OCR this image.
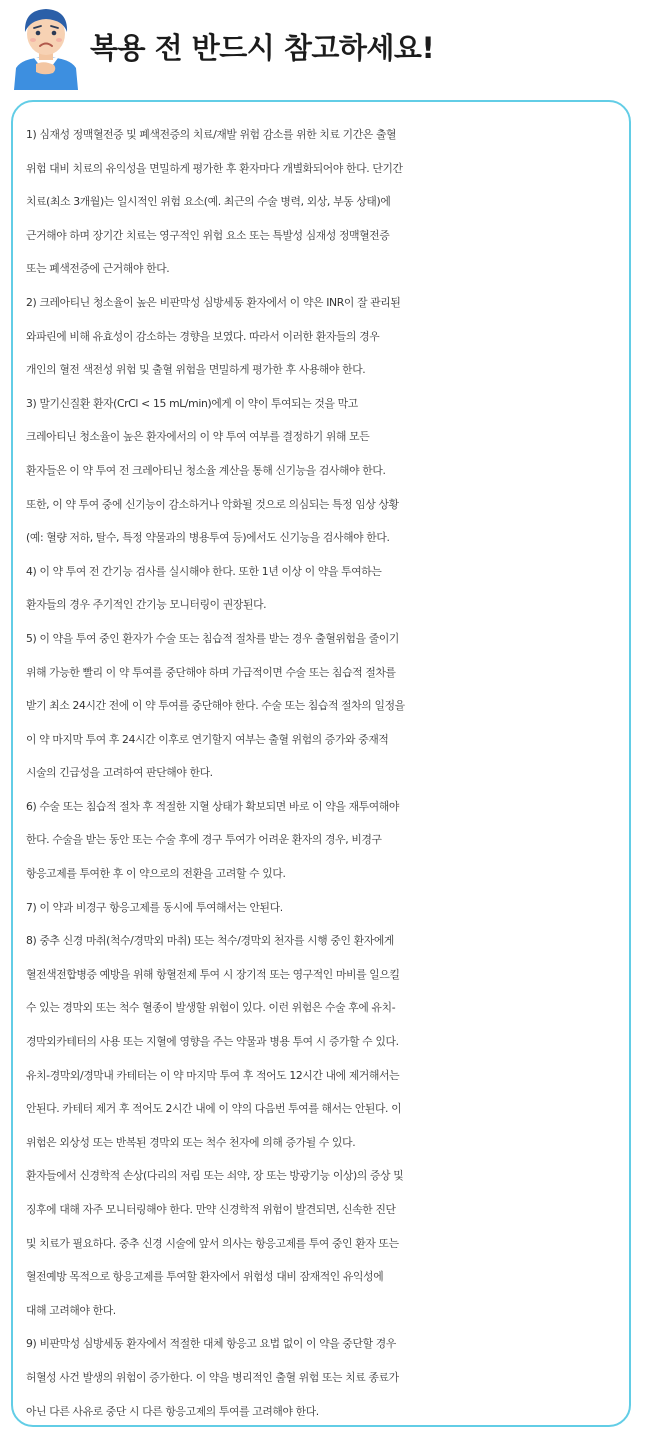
복용 전 반드시 참고하세요!

1) 심재성 정맥혈전증 및 폐색전증의 치료/재발 위험 감소를 위한 치료 기간은 출혈

위험 대비 치료의 유익성을 면밀하게 평가한 후 환자마다 개별화되어야 한다. 단기간

치료(최소 3개월)는 일시적인 위험 요소(예. 최근의 수술 병력, 외상, 부동 상태)에

근거해야 하며 장기간 치료는 영구적인 위험 요소 또는 특발성 심재성 정맥혈전증

또는 폐색전증에 근거해야 한다.

2) 크레아티닌 청소율이 높은 비판막성 심방세동 환자에서 이 약은 INR이 잘 관리된

와파린에 비해 유효성이 감소하는 경향을 보였다. 따라서 이러한 환자들의 경우

개인의 혈전 색전성 위험 및 출혈 위험을 면밀하게 평가한 후 사용해야 한다.

3) 말기신질환 환자(CrCl < 15 mL/min)에게 이 약이 투여되는 것을 막고

크레아티닌 청소율이 높은 환자에서의 이 약 투여 여부를 결정하기 위해 모든

환자들은 이 약 투여 전 크레아티닌 청소율 계산을 통해 신기능을 검사해야 한다.

또한, 이 약 투여 중에 신기능이 감소하거나 악화될 것으로 의심되는 특정 임상 상황

(예: 혈량 저하, 탈수, 특정 약물과의 병용투여 등)에서도 신기능을 검사해야 한다.

4) 이 약 투여 전 간기능 검사를 실시해야 한다. 또한 1년 이상 이 약을 투여하는

환자들의 경우 주기적인 간기능 모니터링이 권장된다.

5) 이 약을 투여 중인 환자가 수술 또는 침습적 절차를 받는 경우 출혈위험을 줄이기

위해 가능한 빨리 이 약 투여를 중단해야 하며 가급적이면 수술 또는 침습적 절차를

받기 최소 24시간 전에 이 약 투여를 중단해야 한다. 수술 또는 침습적 절차의 일정을

이 약 마지막 투여 후 24시간 이후로 연기할지 여부는 출혈 위험의 증가와 중재적

시술의 긴급성을 고려하여 판단해야 한다.

6) 수술 또는 침습적 절차 후 적절한 지혈 상태가 확보되면 바로 이 약을 재투여해야

한다. 수술을 받는 동안 또는 수술 후에 경구 투여가 어려운 환자의 경우, 비경구

항응고제를 투여한 후 이 약으로의 전환을 고려할 수 있다.

7) 이 약과 비경구 항응고제를 동시에 투여해서는 안된다.

8) 중추 신경 마취(척수/경막외 마취) 또는 척수/경막외 천자를 시행 중인 환자에게

혈전색전합병증 예방을 위해 항혈전제 투여 시 장기적 또는 영구적인 마비를 일으킬

수 있는 경막외 또는 척수 혈종이 발생할 위험이 있다. 이런 위험은 수술 후에 유치-

경막외카테터의 사용 또는 지혈에 영향을 주는 약물과 병용 투여 시 증가할 수 있다.

유치-경막외/경막내 카테터는 이 약 마지막 투여 후 적어도 12시간 내에 제거해서는

안된다. 카테터 제거 후 적어도 2시간 내에 이 약의 다음번 투여를 해서는 안된다. 이

위험은 외상성 또는 반복된 경막외 또는 척수 천자에 의해 증가될 수 있다.

환자들에서 신경학적 손상(다리의 저림 또는 쇠약, 장 또는 방광기능 이상)의 증상 및

징후에 대해 자주 모니터링해야 한다. 만약 신경학적 위험이 발견되면, 신속한 진단

및 치료가 필요하다. 중추 신경 시술에 앞서 의사는 항응고제를 투여 중인 환자 또는

혈전예방 목적으로 항응고제를 투여할 환자에서 위험성 대비 잠재적인 유익성에

대해 고려해야 한다.

9) 비판막성 심방세동 환자에서 적절한 대체 항응고 요법 없이 이 약을 중단할 경우

허혈성 사건 발생의 위험이 증가한다. 이 약을 병리적인 출혈 위험 또는 치료 종료가

아닌 다른 사유로 중단 시 다른 항응고제의 투여를 고려해야 한다.
